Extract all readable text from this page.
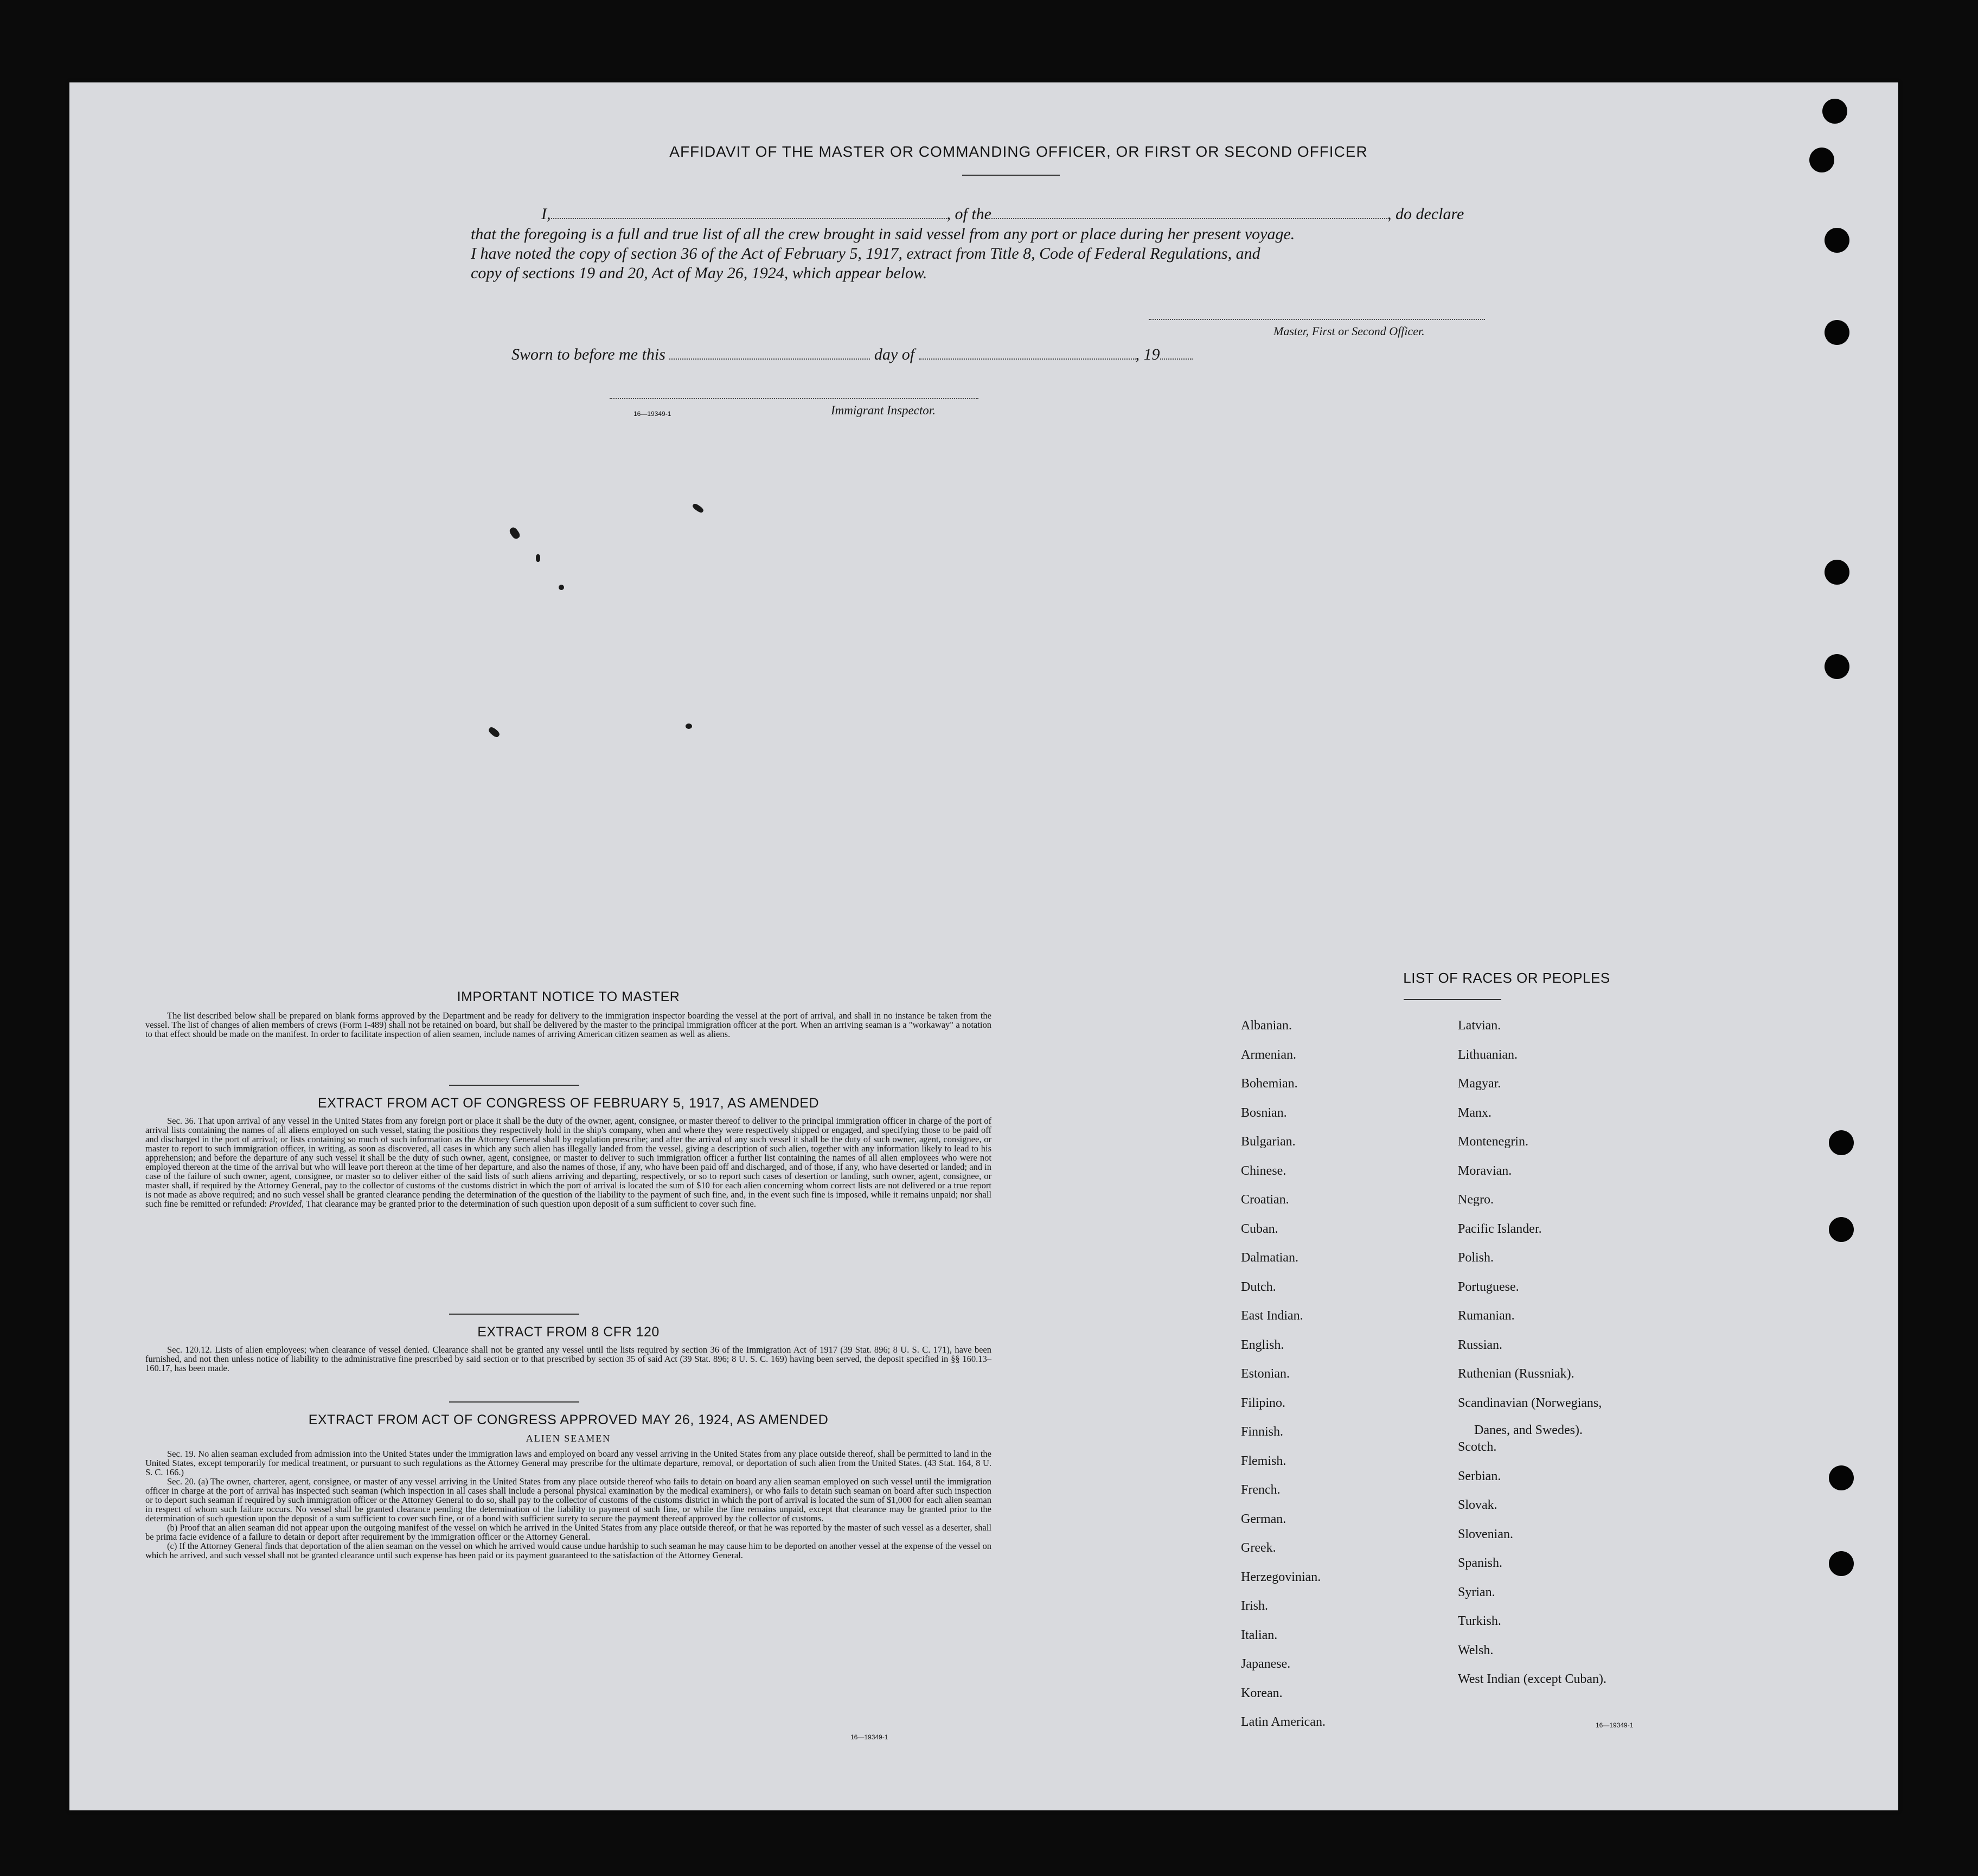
AFFIDAVIT OF THE MASTER OR COMMANDING OFFICER, OR FIRST OR SECOND OFFICER
I,	, of the	, do declare
that the foregoing is a full and true list of all the crew brought in said vessel from any port or place during her present voyage.
I have noted the copy of section 36 of the Act of February 5, 1917, extract from Title 8, Code of Federal Regulations, and
copy of sections 19 and 20, Act of May 26, 1924, which appear below.
Master, First or Second Officer.
Sworn to before me this	day of	, 19
16—19349-1	Immigrant Inspector.
IMPORTANT NOTICE TO MASTER
The list described below shall be prepared on blank forms approved by the Department and be ready for delivery to the immigration inspector boarding the vessel at the port of arrival, and shall in no instance be taken from the vessel. The list of changes of alien members of crews (Form I-489) shall not be retained on board, but shall be delivered by the master to the principal immigration officer at the port. When an arriving seaman is a "workaway" a notation to that effect should be made on the manifest. In order to facilitate inspection of alien seamen, include names of arriving American citizen seamen as well as aliens.
EXTRACT FROM ACT OF CONGRESS OF FEBRUARY 5, 1917, AS AMENDED
Sec. 36. That upon arrival of any vessel in the United States from any foreign port or place it shall be the duty of the owner, agent, consignee, or master thereof to deliver to the principal immigration officer in charge of the port of arrival lists containing the names of all aliens employed on such vessel, stating the positions they respectively hold in the ship's company, when and where they were respectively shipped or engaged, and specifying those to be paid off and discharged in the port of arrival; or lists containing so much of such information as the Attorney General shall by regulation prescribe; and after the arrival of any such vessel it shall be the duty of such owner, agent, consignee, or master to report to such immigration officer, in writing, as soon as discovered, all cases in which any such alien has illegally landed from the vessel, giving a description of such alien, together with any information likely to lead to his apprehension; and before the departure of any such vessel it shall be the duty of such owner, agent, consignee, or master to deliver to such immigration officer a further list containing the names of all alien employees who were not employed thereon at the time of the arrival but who will leave port thereon at the time of her departure, and also the names of those, if any, who have been paid off and discharged, and of those, if any, who have deserted or landed; and in case of the failure of such owner, agent, consignee, or master so to deliver either of the said lists of such aliens arriving and departing, respectively, or so to report such cases of desertion or landing, such owner, agent, consignee, or master shall, if required by the Attorney General, pay to the collector of customs of the customs district in which the port of arrival is located the sum of $10 for each alien concerning whom correct lists are not delivered or a true report is not made as above required; and no such vessel shall be granted clearance pending the determination of the question of the liability to the payment of such fine, and, in the event such fine is imposed, while it remains unpaid; nor shall such fine be remitted or refunded: Provided, That clearance may be granted prior to the determination of such question upon deposit of a sum sufficient to cover such fine.
EXTRACT FROM 8 CFR 120
Sec. 120.12. Lists of alien employees; when clearance of vessel denied. Clearance shall not be granted any vessel until the lists required by section 36 of the Immigration Act of 1917 (39 Stat. 896; 8 U. S. C. 171), have been furnished, and not then unless notice of liability to the administrative fine prescribed by said section or to that prescribed by section 35 of said Act (39 Stat. 896; 8 U. S. C. 169) having been served, the deposit specified in §§ 160.13–160.17, has been made.
EXTRACT FROM ACT OF CONGRESS APPROVED MAY 26, 1924, AS AMENDED
ALIEN SEAMEN
Sec. 19. No alien seaman excluded from admission into the United States under the immigration laws and employed on board any vessel arriving in the United States from any place outside thereof, shall be permitted to land in the United States, except temporarily for medical treatment, or pursuant to such regulations as the Attorney General may prescribe for the ultimate departure, removal, or deportation of such alien from the United States. (43 Stat. 164, 8 U. S. C. 166.)
Sec. 20. (a) The owner, charterer, agent, consignee, or master of any vessel arriving in the United States from any place outside thereof who fails to detain on board any alien seaman employed on such vessel until the immigration officer in charge at the port of arrival has inspected such seaman (which inspection in all cases shall include a personal physical examination by the medical examiners), or who fails to detain such seaman on board after such inspection or to deport such seaman if required by such immigration officer or the Attorney General to do so, shall pay to the collector of customs of the customs district in which the port of arrival is located the sum of $1,000 for each alien seaman in respect of whom such failure occurs. No vessel shall be granted clearance pending the determination of the liability to payment of such fine, or while the fine remains unpaid, except that clearance may be granted prior to the determination of such question upon the deposit of a sum sufficient to cover such fine, or of a bond with sufficient surety to secure the payment thereof approved by the collector of customs.
(b) Proof that an alien seaman did not appear upon the outgoing manifest of the vessel on which he arrived in the United States from any place outside thereof, or that he was reported by the master of such vessel as a deserter, shall be prima facie evidence of a failure to detain or deport after requirement by the immigration officer or the Attorney General.
(c) If the Attorney General finds that deportation of the alien seaman on the vessel on which he arrived would cause undue hardship to such seaman he may cause him to be deported on another vessel at the expense of the vessel on which he arrived, and such vessel shall not be granted clearance until such expense has been paid or its payment guaranteed to the satisfaction of the Attorney General.
16—19349-1
LIST OF RACES OR PEOPLES
Danes, and Swedes).
16—19349-1
Albanian.
Armenian.
Bohemian.
Bosnian.
Bulgarian.
Chinese.
Croatian.
Cuban.
Dalmatian.
Dutch.
East Indian.
English.
Estonian.
Filipino.
Finnish.
Flemish.
French.
German.
Greek.
Herzegovinian.
Irish.
Italian.
Japanese.
Korean.
Latin American.
Latvian.
Lithuanian.
Magyar.
Manx.
Montenegrin.
Moravian.
Negro.
Pacific Islander.
Polish.
Portuguese.
Rumanian.
Russian.
Ruthenian (Russniak).
Scandinavian (Norwegians,
Scotch.
Serbian.
Slovak.
Slovenian.
Spanish.
Syrian.
Turkish.
Welsh.
West Indian (except Cuban).
